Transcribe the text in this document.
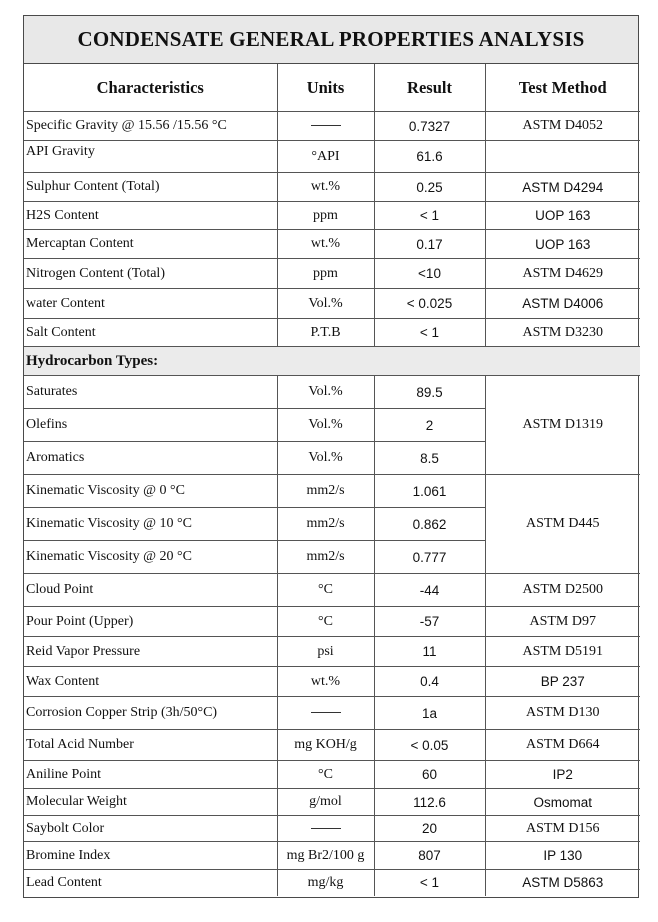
CONDENSATE GENERAL PROPERTIES ANALYSIS
Characteristics	Units	Result	Test Method
Specific Gravity @ 15.56 /15.56 °C		0.7327	ASTM D4052
API Gravity	°API	61.6	
Sulphur Content (Total)	wt.%	0.25	ASTM D4294
H2S Content	ppm	< 1	UOP 163
Mercaptan Content	wt.%	0.17	UOP 163
Nitrogen Content (Total)	ppm	<10	ASTM D4629
water Content	Vol.%	< 0.025	ASTM D4006
Salt Content	P.T.B	< 1	ASTM D3230
Hydrocarbon Types:			
Saturates	Vol.%	89.5	ASTM D1319
Olefins	Vol.%	2	
Aromatics	Vol.%	8.5	
Kinematic Viscosity @ 0 °C	mm2/s	1.061	ASTM D445
Kinematic Viscosity @ 10 °C	mm2/s	0.862	
Kinematic Viscosity @ 20 °C	mm2/s	0.777	
Cloud Point	°C	-44	ASTM D2500
Pour Point (Upper)	°C	-57	ASTM D97
Reid Vapor Pressure	psi	11	ASTM D5191
Wax Content	wt.%	0.4	BP 237
Corrosion Copper Strip (3h/50°C)		1a	ASTM D130
Total Acid Number	mg KOH/g	< 0.05	ASTM D664
Aniline Point	°C	60	IP2
Molecular Weight	g/mol	112.6	Osmomat
Saybolt Color		20	ASTM D156
Bromine Index	mg Br2/100 g	807	IP 130
Lead Content	mg/kg	< 1	ASTM D5863
